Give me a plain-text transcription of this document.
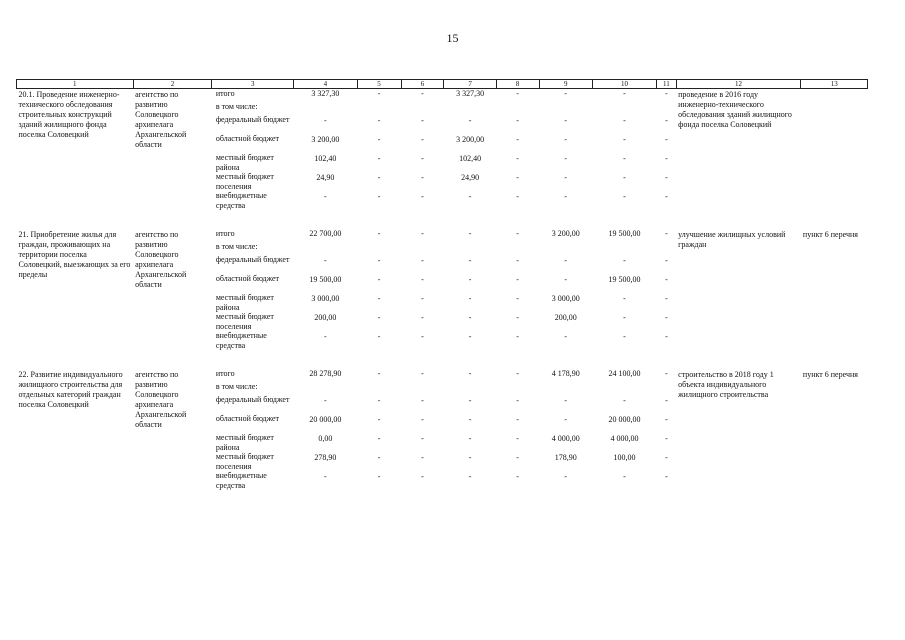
15
1	2	3	4	5	6	7	8	9	10	11	12	13
20.1. Проведение инженерно-технического обследования строительных конструкций зданий жилищного фонда поселка Соловецкий	агентство по развитию Соловецкого архипелага Архангельской области	итого	3 327,30	-	-	3 327,30	-	-	-	-	проведение в 2016 году инженерно-технического обследования зданий жилищного фонда поселка Соловецкий	
		в том числе:										
		федеральный бюджет	-	-	-	-	-	-	-	-		
		областной бюджет	3 200,00	-	-	3 200,00	-	-	-	-		
		местный бюджет района	102,40	-	-	102,40	-	-	-	-		
		местный бюджет поселения	24,90	-	-	24,90	-	-	-	-		
		внебюджетные средства	-	-	-	-	-	-	-	-		

21. Приобретение жилья для граждан, проживающих на территории поселка Соловецкий, выезжающих за его пределы	агентство по развитию Соловецкого архипелага Архангельской области	итого	22 700,00	-	-	-	-	3 200,00	19 500,00	-	улучшение жилищных условий граждан	пункт 6 перечня
		в том числе:										
		федеральный бюджет	-	-	-	-	-	-	-	-		
		областной бюджет	19 500,00	-	-	-	-	-	19 500,00	-		
		местный бюджет района	3 000,00	-	-	-	-	3 000,00	-	-		
		местный бюджет поселения	200,00	-	-	-	-	200,00	-	-		
		внебюджетные средства	-	-	-	-	-	-	-	-		

22. Развитие индивидуального жилищного строительства для отдельных категорий граждан поселка Соловецкий	агентство по развитию Соловецкого архипелага Архангельской области	итого	28 278,90	-	-	-	-	4 178,90	24 100,00	-	строительство в 2018 году 1 объекта индивидуального жилищного строительства	пункт 6 перечня
		в том числе:										
		федеральный бюджет	-	-	-	-	-	-	-	-		
		областной бюджет	20 000,00	-	-	-	-	-	20 000,00	-		
		местный бюджет района	0,00	-	-	-	-	4 000,00	4 000,00	-		
		местный бюджет поселения	278,90	-	-	-	-	178,90	100,00	-		
		внебюджетные средства	-	-	-	-	-	-	-	-		
